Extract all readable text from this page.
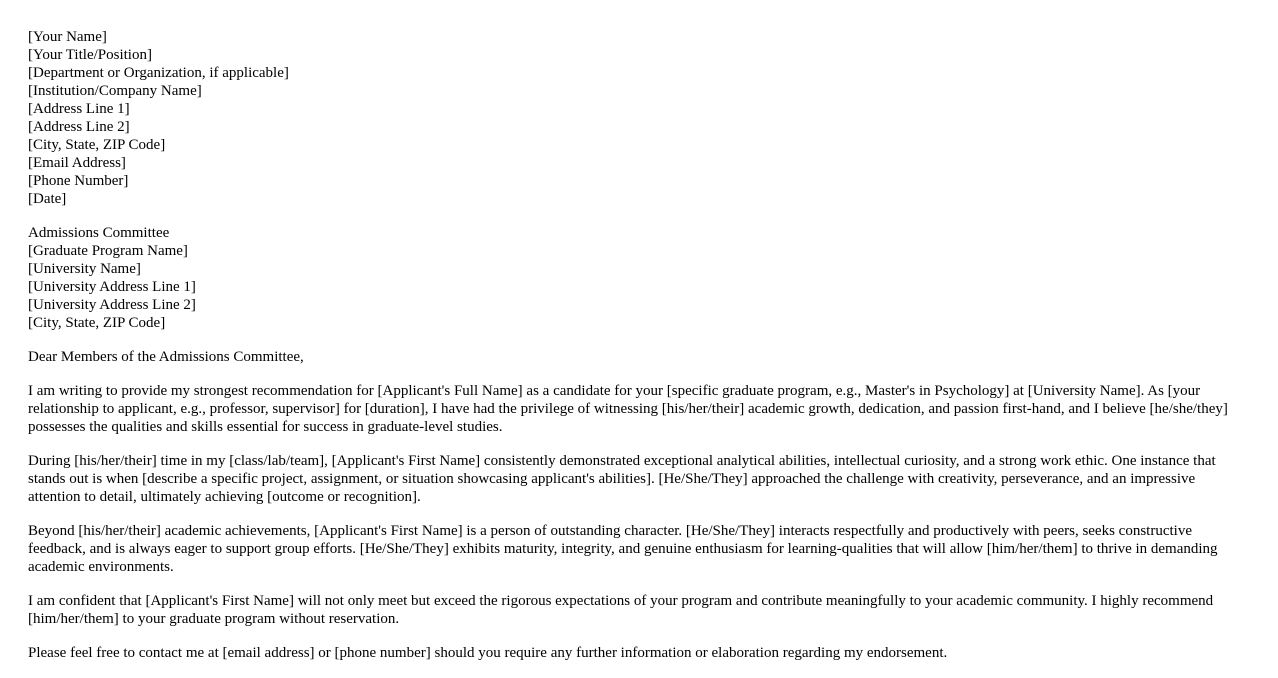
[Your Name]
[Your Title/Position]
[Department or Organization, if applicable]
[Institution/Company Name]
[Address Line 1]
[Address Line 2]
[City, State, ZIP Code]
[Email Address]
[Phone Number]
[Date]
Admissions Committee
[Graduate Program Name]
[University Name]
[University Address Line 1]
[University Address Line 2]
[City, State, ZIP Code]

Dear Members of the Admissions Committee,

I am writing to provide my strongest recommendation for [Applicant's Full Name] as a candidate for your [specific graduate program, e.g., Master's in Psychology] at [University Name]. As [your relationship to applicant, e.g., professor, supervisor] for [duration], I have had the privilege of witnessing [his/her/their] academic growth, dedication, and passion first-hand, and I believe [he/she/they] possesses the qualities and skills essential for success in graduate-level studies.

During [his/her/their] time in my [class/lab/team], [Applicant's First Name] consistently demonstrated exceptional analytical abilities, intellectual curiosity, and a strong work ethic. One instance that stands out is when [describe a specific project, assignment, or situation showcasing applicant's abilities]. [He/She/They] approached the challenge with creativity, perseverance, and an impressive attention to detail, ultimately achieving [outcome or recognition].

Beyond [his/her/their] academic achievements, [Applicant's First Name] is a person of outstanding character. [He/She/They] interacts respectfully and productively with peers, seeks constructive feedback, and is always eager to support group efforts. [He/She/They] exhibits maturity, integrity, and genuine enthusiasm for learning-qualities that will allow [him/her/them] to thrive in demanding academic environments.

I am confident that [Applicant's First Name] will not only meet but exceed the rigorous expectations of your program and contribute meaningfully to your academic community. I highly recommend [him/her/them] to your graduate program without reservation.

Please feel free to contact me at [email address] or [phone number] should you require any further information or elaboration regarding my endorsement.
